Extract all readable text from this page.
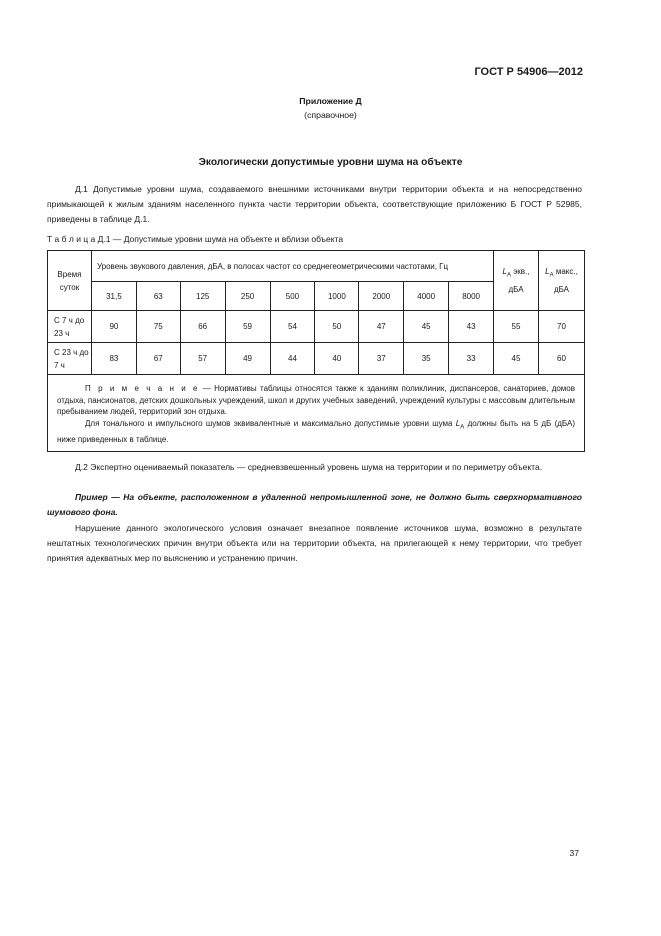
ГОСТ Р 54906—2012
Приложение Д
(справочное)
Экологически допустимые уровни шума на объекте
Д.1 Допустимые уровни шума, создаваемого внешними источниками внутри территории объекта и на непосредственно примыкающей к жилым зданиям населенного пункта части территории объекта, соответствующие приложению Б ГОСТ Р 52985, приведены в таблице Д.1.
Т а б л и ц а Д.1 — Допустимые уровни шума на объекте и вблизи объекта
Время суток	Уровень звукового давления, дБА, в полосах частот со среднегеометрическими частотами, Гц									$L_A$ экв., дБА	$L_A$ макс., дБА
	31,5	63	125	250	500	1000	2000	4000	8000		
С 7 ч до 23 ч	90	75	66	59	54	50	47	45	43	55	70
С 23 ч до 7 ч	83	67	57	49	44	40	37	35	33	45	60

П р и м е ч а н и е — Нормативы таблицы относятся также к зданиям поликлиник, диспансеров, санаториев, домов отдыха, пансионатов, детских дошкольных учреждений, школ и других учебных заведений, учреждений культуры с массовым длительным пребыванием людей, территорий зон отдыха.

Для тонального и импульсного шумов эквивалентные и максимально допустимые уровни шума $L_A$ должны быть на 5 дБ (дБА) ниже приведенных в таблице.											

Д.2 Экспертно оцениваемый показатель — средневзвешенный уровень шума на территории и по периметру объекта.
Пример — На объекте, расположенном в удаленной непромышленной зоне, не должно быть сверхнормативного шумового фона.
Нарушение данного экологического условия означает внезапное появление источников шума, возможно в результате нештатных технологических причин внутри объекта или на территории объекта, на прилегающей к нему территории, что требует принятия адекватных мер по выяснению и устранению причин.
37
